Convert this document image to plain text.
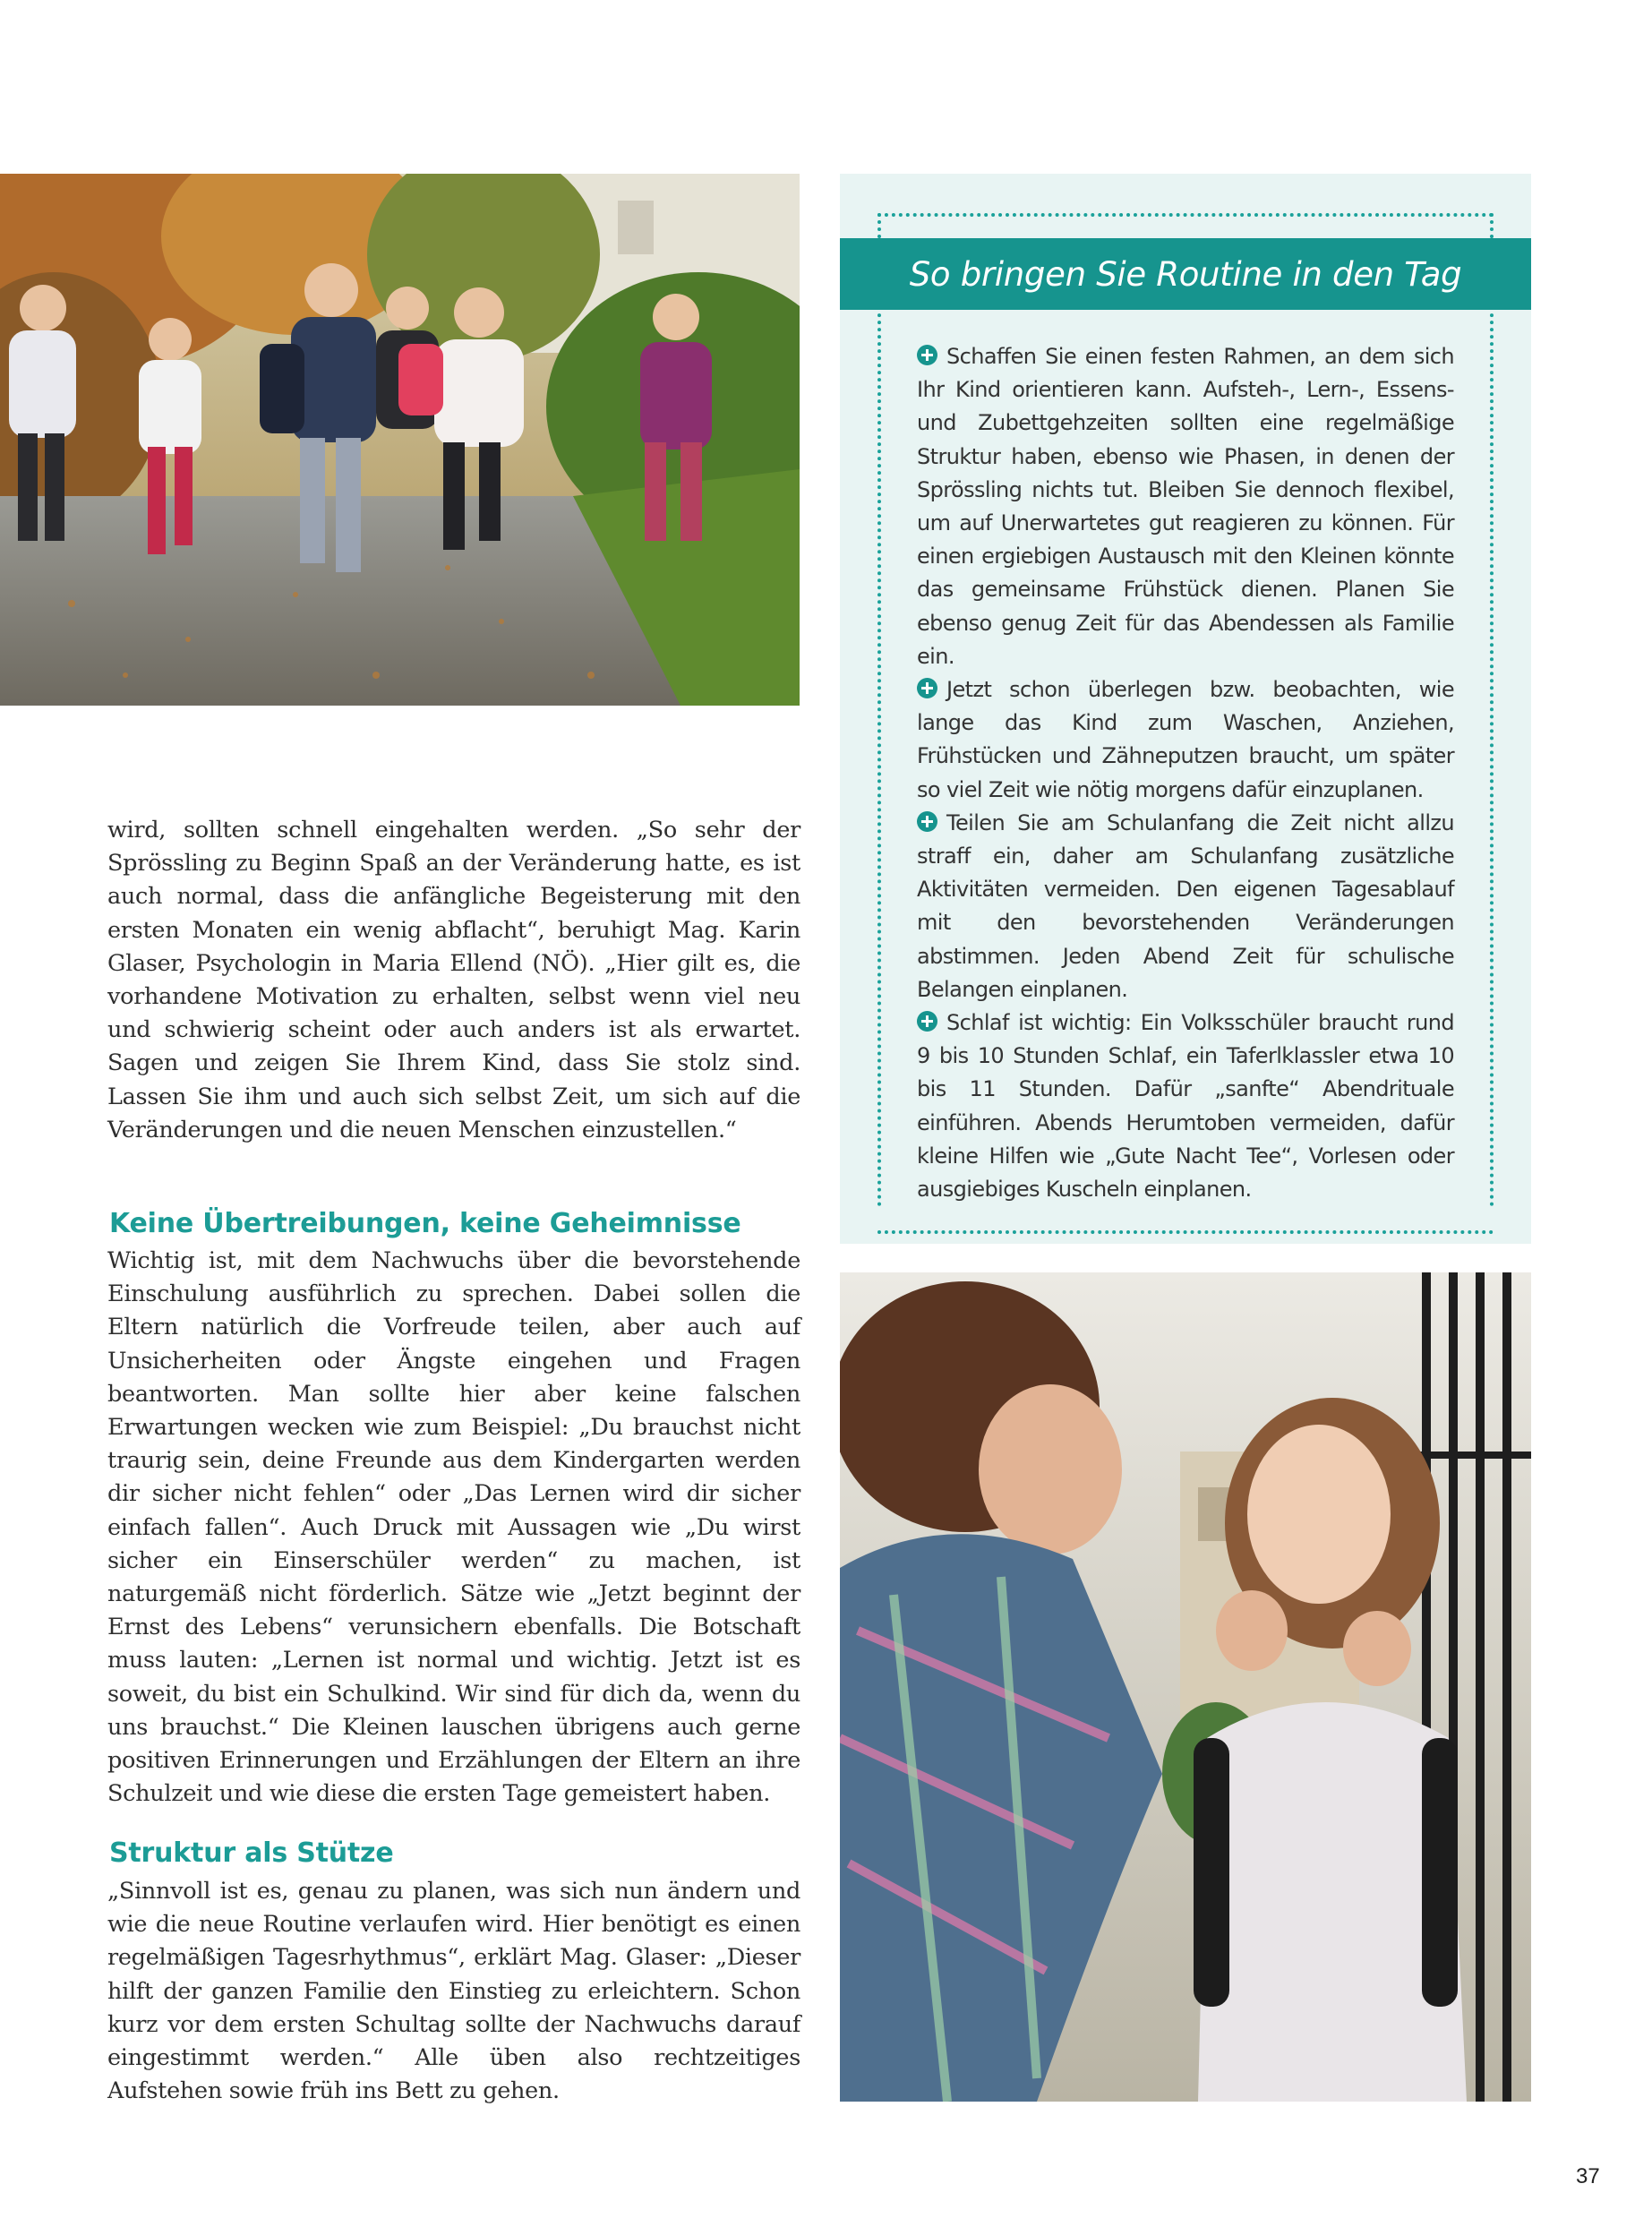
So bringen Sie Routine in den Tag

Schaffen Sie einen festen Rahmen, an dem sich Ihr Kind orientieren kann. Aufsteh-, Lern-, Essens- und Zubettgehzeiten sollten eine regelmäßige Struktur haben, ebenso wie Phasen, in denen der Sprössling nichts tut. Bleiben Sie dennoch flexibel, um auf Unerwartetes gut reagieren zu können. Für einen ergiebigen Austausch mit den Kleinen könnte das gemeinsame Frühstück dienen. Planen Sie ebenso genug Zeit für das Abendessen als Familie ein.

Jetzt schon überlegen bzw. beobachten, wie lange das Kind zum Waschen, Anziehen, Frühstücken und Zähneputzen braucht, um später so viel Zeit wie nötig morgens dafür einzuplanen.

Teilen Sie am Schulanfang die Zeit nicht allzu straff ein, daher am Schulanfang zusätzliche Aktivitäten vermeiden. Den eigenen Tagesablauf mit den bevorstehenden Veränderungen abstimmen. Jeden Abend Zeit für schulische Belangen einplanen.

Schlaf ist wichtig: Ein Volksschüler braucht rund 9 bis 10 Stunden Schlaf, ein Taferlklassler etwa 10 bis 11 Stunden. Dafür „sanfte“ Abendrituale einführen. Abends Herumtoben vermeiden, dafür kleine Hilfen wie „Gute Nacht Tee“, Vorlesen oder ausgiebiges Kuscheln einplanen.

wird, sollten schnell eingehalten werden. „So sehr der Sprössling zu Beginn Spaß an der Veränderung hatte, es ist auch normal, dass die anfängliche Begeisterung mit den ersten Monaten ein wenig abflacht“, beruhigt Mag. Karin Glaser, Psychologin in Maria Ellend (NÖ). „Hier gilt es, die vorhandene Motivation zu erhalten, selbst wenn viel neu und schwierig scheint oder auch anders ist als erwartet. Sagen und zeigen Sie Ihrem Kind, dass Sie stolz sind. Lassen Sie ihm und auch sich selbst Zeit, um sich auf die Veränderungen und die neuen Menschen einzustellen.“

Keine Übertreibungen, keine Geheimnisse

Wichtig ist, mit dem Nachwuchs über die bevorstehende Einschulung ausführlich zu sprechen. Dabei sollen die Eltern natürlich die Vorfreude teilen, aber auch auf Unsicherheiten oder Ängste eingehen und Fragen beantworten. Man sollte hier aber keine falschen Erwartungen wecken wie zum Beispiel: „Du brauchst nicht traurig sein, deine Freunde aus dem Kindergarten werden dir sicher nicht fehlen“ oder „Das Lernen wird dir sicher einfach fallen“. Auch Druck mit Aussagen wie „Du wirst sicher ein Einserschüler werden“ zu machen, ist naturgemäß nicht förderlich. Sätze wie „Jetzt beginnt der Ernst des Lebens“ verunsichern ebenfalls. Die Botschaft muss lauten: „Lernen ist normal und wichtig. Jetzt ist es soweit, du bist ein Schulkind. Wir sind für dich da, wenn du uns brauchst.“ Die Kleinen lauschen übrigens auch gerne positiven Erinnerungen und Erzählungen der Eltern an ihre Schulzeit und wie diese die ersten Tage gemeistert haben.

Struktur als Stütze

„Sinnvoll ist es, genau zu planen, was sich nun ändern und wie die neue Routine verlaufen wird. Hier benötigt es einen regelmäßigen Tagesrhythmus“, erklärt Mag. Glaser: „Dieser hilft der ganzen Familie den Einstieg zu erleichtern. Schon kurz vor dem ersten Schultag sollte der Nachwuchs darauf eingestimmt werden.“ Alle üben also rechtzeitiges Aufstehen sowie früh ins Bett zu gehen.

37
